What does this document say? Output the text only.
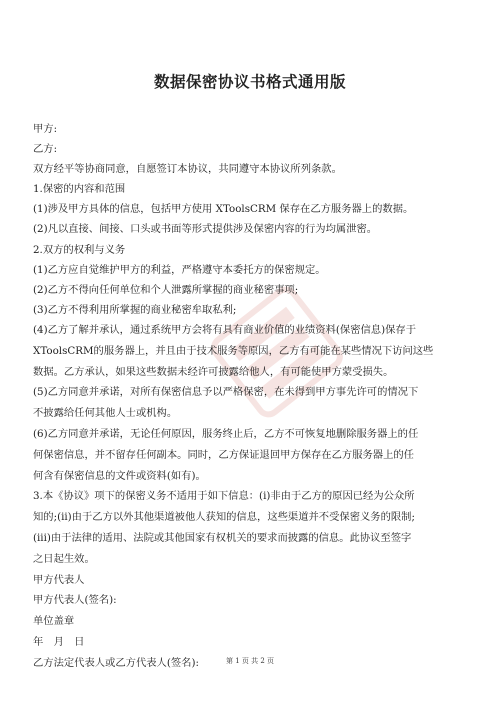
数据保密协议书格式通用版
甲方:
乙方:
双方经平等协商同意，自愿签订本协议，共同遵守本协议所列条款。
1.保密的内容和范围
(1)涉及甲方具体的信息，包括甲方使用 XToolsCRM 保存在乙方服务器上的数据。
(2)凡以直接、间接、口头或书面等形式提供涉及保密内容的行为均属泄密。
2.双方的权利与义务
(1)乙方应自觉维护甲方的利益，严格遵守本委托方的保密规定。
(2)乙方不得向任何单位和个人泄露所掌握的商业秘密事项;
(3)乙方不得利用所掌握的商业秘密牟取私利;
(4)乙方了解并承认，通过系统甲方会将有具有商业价值的业绩资料(保密信息)保存于
XToolsCRM的服务器上，并且由于技术服务等原因，乙方有可能在某些情况下访问这些
数据。乙方承认，如果这些数据未经许可披露给他人，有可能使甲方蒙受损失。
(5)乙方同意并承诺，对所有保密信息予以严格保密，在未得到甲方事先许可的情况下
不披露给任何其他人士或机构。
(6)乙方同意并承诺，无论任何原因，服务终止后，乙方不可恢复地删除服务器上的任
何保密信息，并不留存任何副本。同时，乙方保证退回甲方保存在乙方服务器上的任
何含有保密信息的文件或资料(如有)。
3.本《协议》项下的保密义务不适用于如下信息：(i)非由于乙方的原因已经为公众所
知的;(ii)由于乙方以外其他渠道被他人获知的信息，这些渠道并不受保密义务的限制;
(iii)由于法律的适用、法院或其他国家有权机关的要求而披露的信息。此协议至签字
之日起生效。
甲方代表人
甲方代表人(签名):
单位盖章
年　月　日
乙方法定代表人或乙方代表人(签名):	第 1 页 共 2 页
